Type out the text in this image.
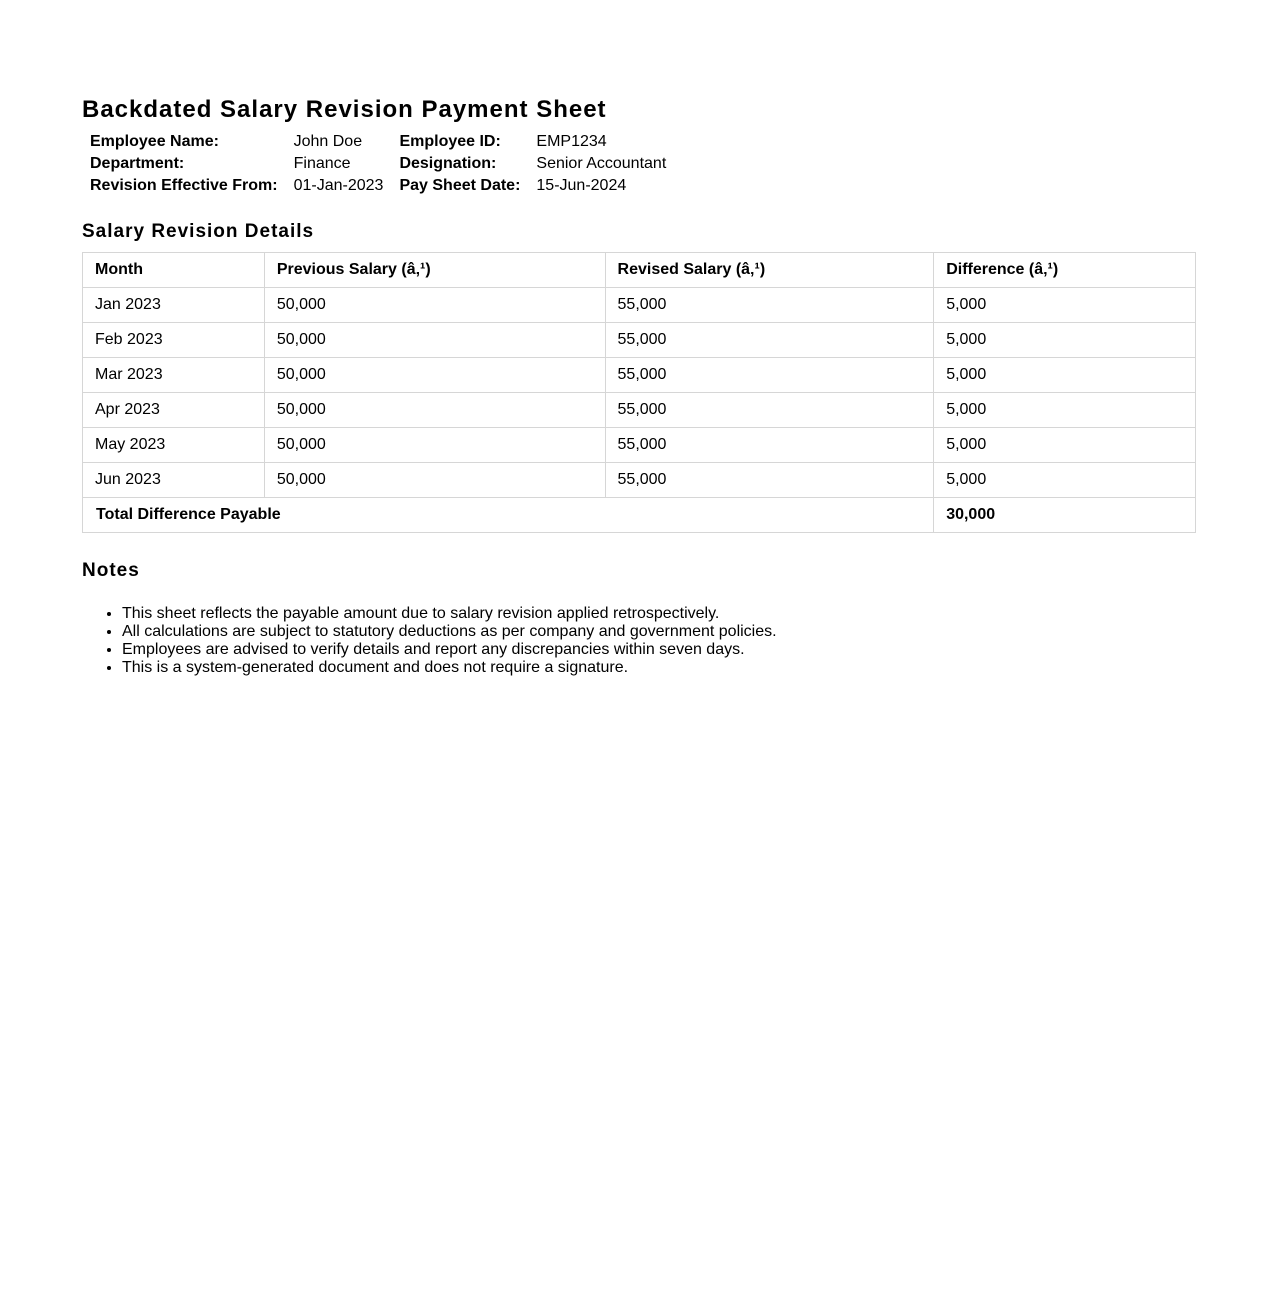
Backdated Salary Revision Payment Sheet
Employee Name:	John Doe	Employee ID:	EMP1234
Department:	Finance	Designation:	Senior Accountant
Revision Effective From:	01-Jan-2023	Pay Sheet Date:	15-Jun-2024
Salary Revision Details
Month	Previous Salary (â‚¹)	Revised Salary (â‚¹)	Difference (â‚¹)
Jan 2023	50,000	55,000	5,000
Feb 2023	50,000	55,000	5,000
Mar 2023	50,000	55,000	5,000
Apr 2023	50,000	55,000	5,000
May 2023	50,000	55,000	5,000
Jun 2023	50,000	55,000	5,000
Total Difference Payable			30,000
Notes
• This sheet reflects the payable amount due to salary revision applied retrospectively.
• All calculations are subject to statutory deductions as per company and government policies.
• Employees are advised to verify details and report any discrepancies within seven days.
• This is a system-generated document and does not require a signature.
